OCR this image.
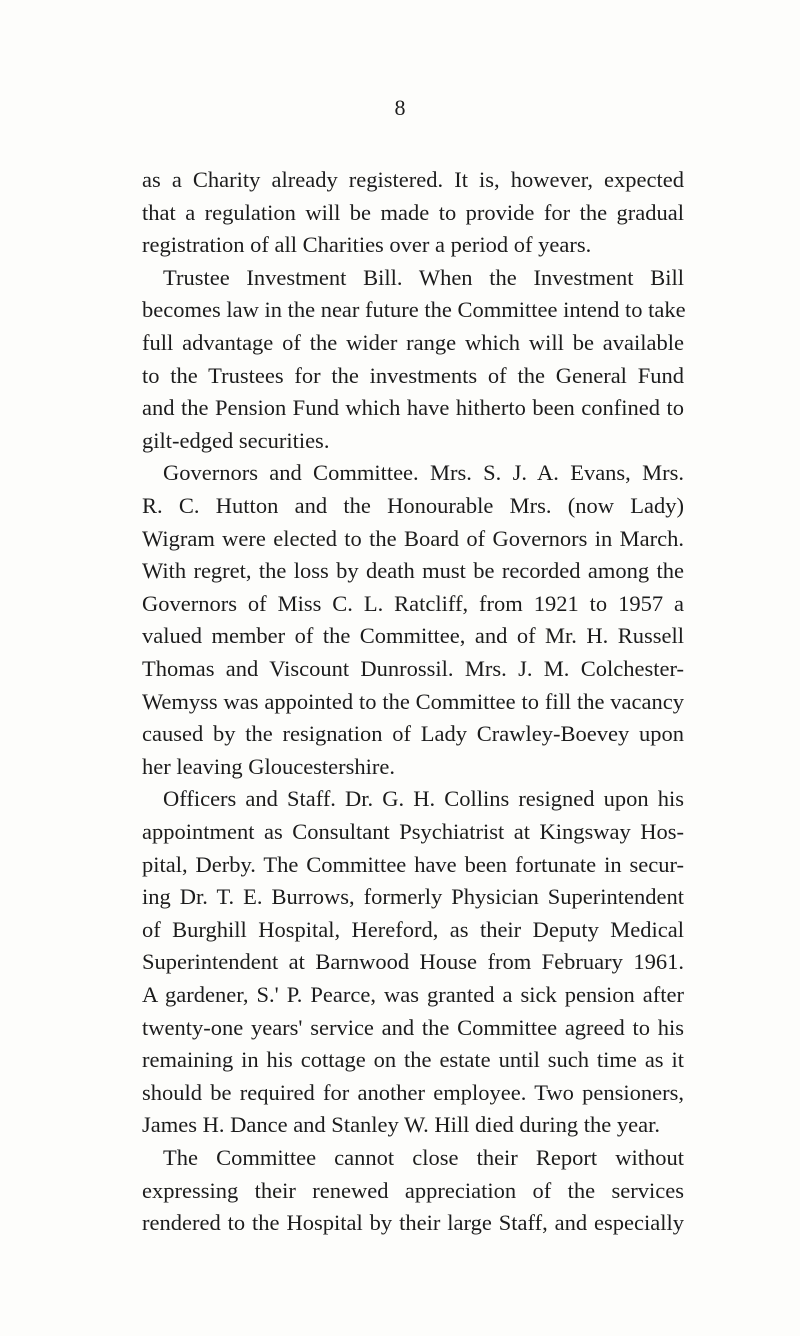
8
as a Charity already registered. It is, however, expected
that a regulation will be made to provide for the gradual
registration of all Charities over a period of years.
Trustee Investment Bill. When the Investment Bill
becomes law in the near future the Committee intend to take
full advantage of the wider range which will be available
to the Trustees for the investments of the General Fund
and the Pension Fund which have hitherto been confined to
gilt-edged securities.
Governors and Committee. Mrs. S. J. A. Evans, Mrs.
R. C. Hutton and the Honourable Mrs. (now Lady)
Wigram were elected to the Board of Governors in March.
With regret, the loss by death must be recorded among the
Governors of Miss C. L. Ratcliff, from 1921 to 1957 a
valued member of the Committee, and of Mr. H. Russell
Thomas and Viscount Dunrossil. Mrs. J. M. Colchester-
Wemyss was appointed to the Committee to fill the vacancy
caused by the resignation of Lady Crawley-Boevey upon
her leaving Gloucestershire.
Officers and Staff. Dr. G. H. Collins resigned upon his
appointment as Consultant Psychiatrist at Kingsway Hos-
pital, Derby. The Committee have been fortunate in secur-
ing Dr. T. E. Burrows, formerly Physician Superintendent
of Burghill Hospital, Hereford, as their Deputy Medical
Superintendent at Barnwood House from February 1961.
A gardener, S.' P. Pearce, was granted a sick pension after
twenty-one years' service and the Committee agreed to his
remaining in his cottage on the estate until such time as it
should be required for another employee. Two pensioners,
James H. Dance and Stanley W. Hill died during the year.
The Committee cannot close their Report without
expressing their renewed appreciation of the services
rendered to the Hospital by their large Staff, and especially
